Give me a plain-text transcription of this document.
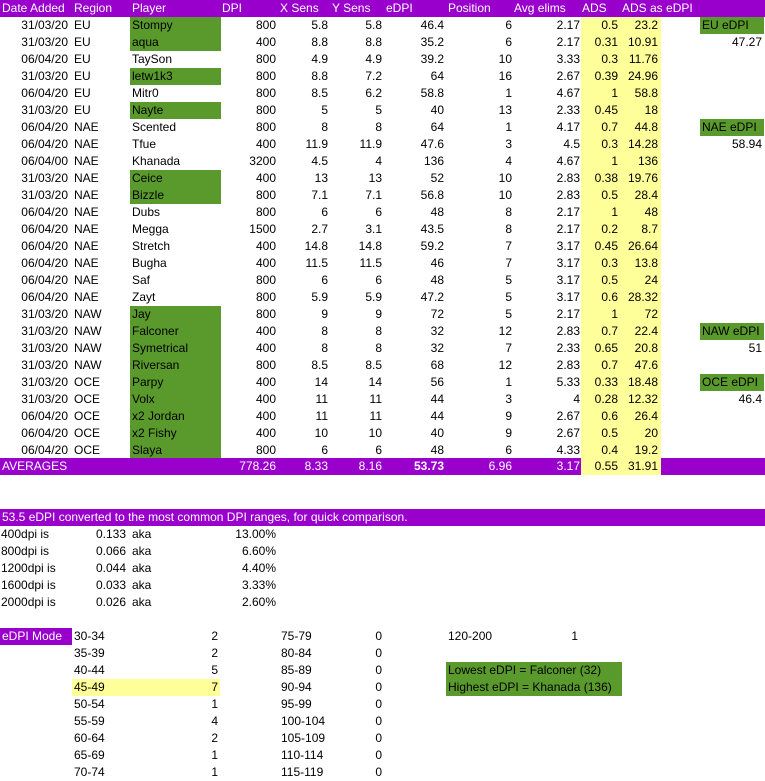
Date Added Region Player	DPI	X Sens Y Sens eDPI	Position Avg elims ADS ADS as eDPI
31/03/20 EU	Stompy	800	5.8	5.8	46.4	6	2.17	0.5	23.2
31/03/20 EU	aqua	400	8.8	8.8	35.2	6	2.17	0.31 10.91
06/04/20 EU	TaySon	800	4.9	4.9	39.2	10	3.33	0.3 11.76
31/03/20 EU	letw1k3	800	8.8	7.2	64	16	2.67	0.39 24.96
06/04/20 EU	Mitr0	800	8.5	6.2	58.8	1	4.67	1	58.8
31/03/20 EU	Nayte	800	5	5	40	13	2.33	0.45	18
06/04/20 NAE	Scented	800	8	8	64	1	4.17	0.7	44.8
06/04/20 NAE	Tfue	400	11.9	11.9	47.6	3	4.5	0.3 14.28
06/04/00 NAE	Khanada	3200	4.5	4	136	4	4.67	1	136
31/03/20 NAE	Ceice	400	13	13	52	10	2.83	0.38 19.76
31/03/20 NAE	Bizzle	800	7.1	7.1	56.8	10	2.83	0.5	28.4
06/04/20 NAE	Dubs	800	6	6	48	8	2.17	1	48
06/04/20 NAE	Megga	1500	2.7	3.1	43.5	8	2.17	0.2	8.7
06/04/20 NAE	Stretch	400	14.8	14.8	59.2	7	3.17	0.45 26.64
06/04/20 NAE	Bugha	400	11.5	11.5	46	7	3.17	0.3	13.8
06/04/20 NAE	Saf	800	6	6	48	5	3.17	0.5	24
06/04/20 NAE	Zayt	800	5.9	5.9	47.2	5	3.17	0.6 28.32
31/03/20 NAW	Jay	800	9	9	72	5	2.17	1	72
31/03/20 NAW	Falconer	400	8	8	32	12	2.83	0.7	22.4
31/03/20 NAW	Symetrical	400	8	8	32	7	2.33	0.65	20.8
31/03/20 NAW	Riversan	800	8.5	8.5	68	12	2.83	0.7	47.6
31/03/20 OCE	Parpy	400	14	14	56	1	5.33	0.33 18.48
31/03/20 OCE	Volx	400	11	11	44	3	4	0.28 12.32
06/04/20 OCE	x2 Jordan	400	11	11	44	9	2.67	0.6	26.4
06/04/20 OCE	x2 Fishy	400	10	10	40	9	2.67	0.5	20
06/04/20 OCE	Slaya	800	6	6	48	6	4.33	0.4	19.2
AVERAGES	778.26	8.33	8.16	53.73	6.96	3.17	0.55 31.91
EU eDPI
47.27
NAE eDPI
58.94
NAW eDPI
51
OCE eDPI
46.4
53.5 eDPI converted to the most common DPI ranges, for quick comparison.
400dpi is	0.133 aka	13.00%
800dpi is	0.066 aka	6.60%
1200dpi is	0.044 aka	4.40%
1600dpi is	0.033 aka	3.33%
2000dpi is	0.026 aka	2.60%
eDPI Mode 30-34	2
35-39	2
40-44	5
45-49	7
50-54	1
55-59	4
60-64	2
65-69	1
70-74	1
75-79	0
80-84	0
85-89	0
90-94	0
95-99	0
100-104	0
105-109	0
110-114	0
115-119	0
120-200	1
Lowest eDPI = Falconer (32)
Highest eDPI = Khanada (136)
